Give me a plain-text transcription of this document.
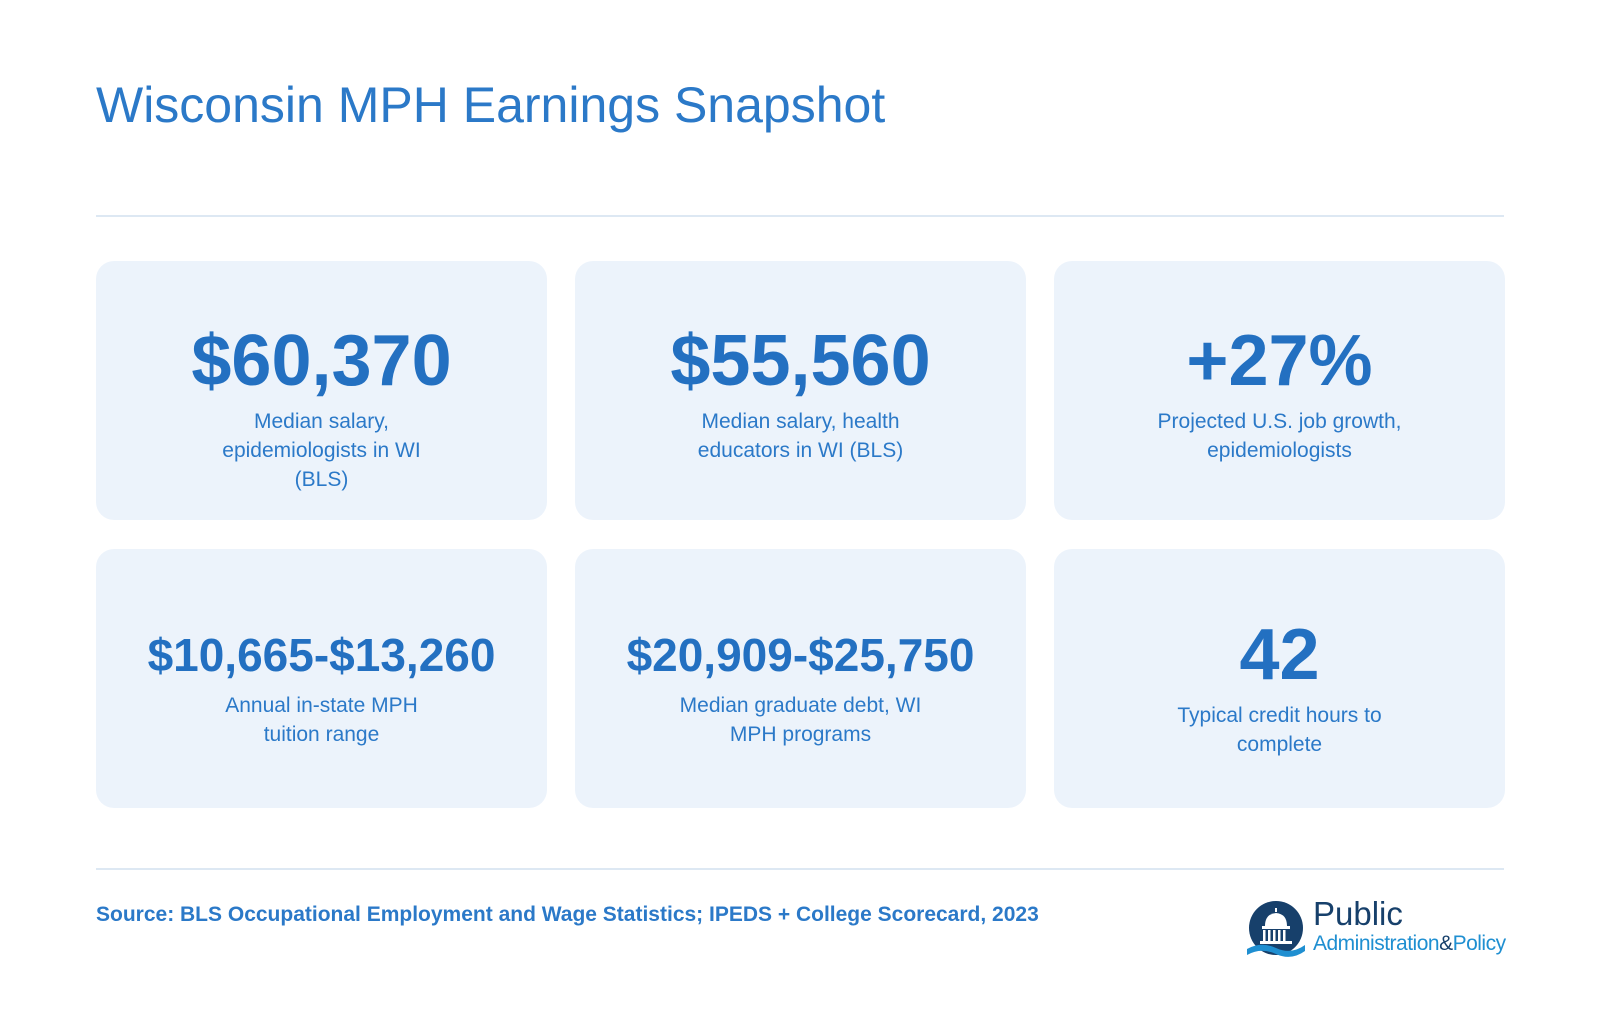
Wisconsin MPH Earnings Snapshot
$60,370
Median salary,
epidemiologists in WI
(BLS)
$55,560
Median salary, health
educators in WI (BLS)
+27%
Projected U.S. job growth,
epidemiologists
$10,665-$13,260
Annual in-state MPH
tuition range
$20,909-$25,750
Median graduate debt, WI
MPH programs
42
Typical credit hours to
complete
Source: BLS Occupational Employment and Wage Statistics; IPEDS + College Scorecard, 2023	Public
Administration&Policy
